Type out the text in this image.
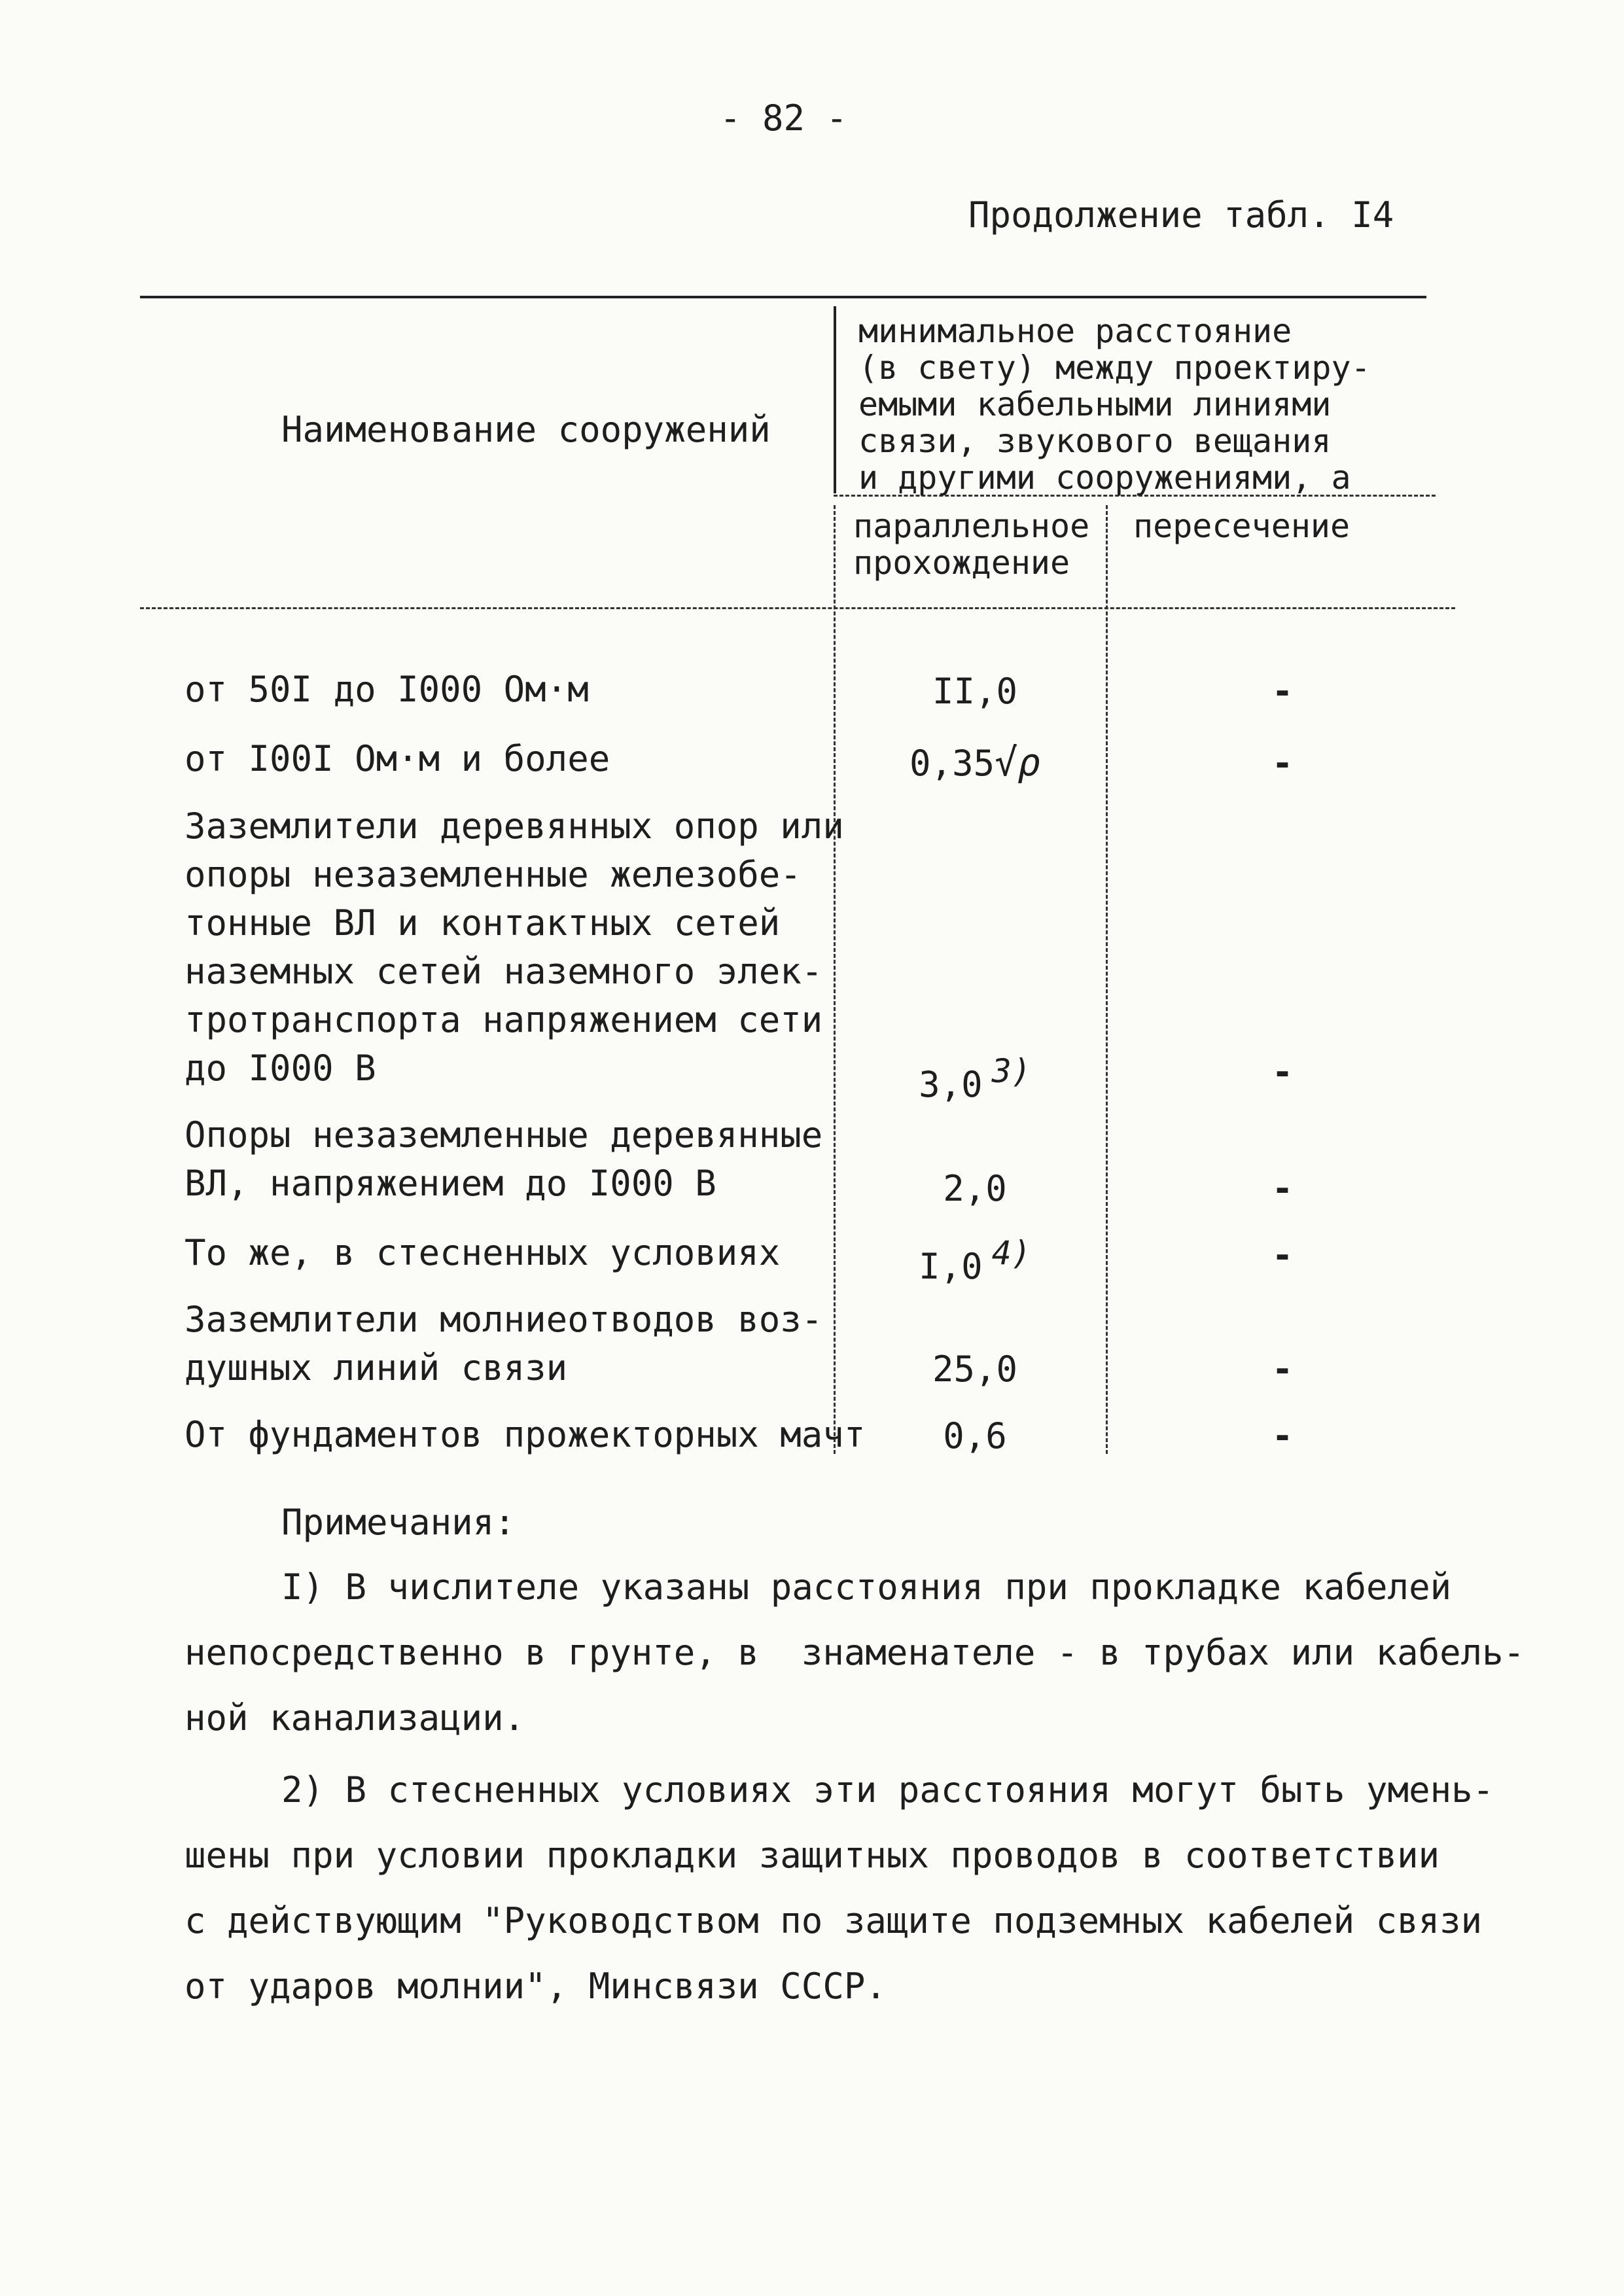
- 82 -
Продолжение табл. I4
Наименование сооружений
минимальное расстояние
(в свету) между проектиру-
емыми кабельными линиями
связи, звукового вещания
и другими сооружениями, а
параллельное
прохождение
пересечение
от 50I до I000 Ом·м	II,0	-
от I00I Ом·м и более	0,35√ρ	-
Заземлители деревянных опор или
опоры незаземленные железобе-
тонные ВЛ и контактных сетей
наземных сетей наземного элек-
тротранспорта напряжением сети
до I000 В	3,0 $^{3)}$	-
Опоры незаземленные деревянные
ВЛ, напряжением до I000 В	2,0	-
То же, в стесненных условиях	I,0 $^{4)}$	-
Заземлители молниеотводов воз-
душных линий связи	25,0	-
От фундаментов прожекторных мачт	0,6	-
Примечания:
I) В числителе указаны расстояния при прокладке кабелей
непосредственно в грунте, в  знаменателе - в трубах или кабель-
ной канализации.
2) В стесненных условиях эти расстояния могут быть умень-
шены при условии прокладки защитных проводов в соответствии
с действующим "Руководством по защите подземных кабелей связи
от ударов молнии", Минсвязи СССР.
